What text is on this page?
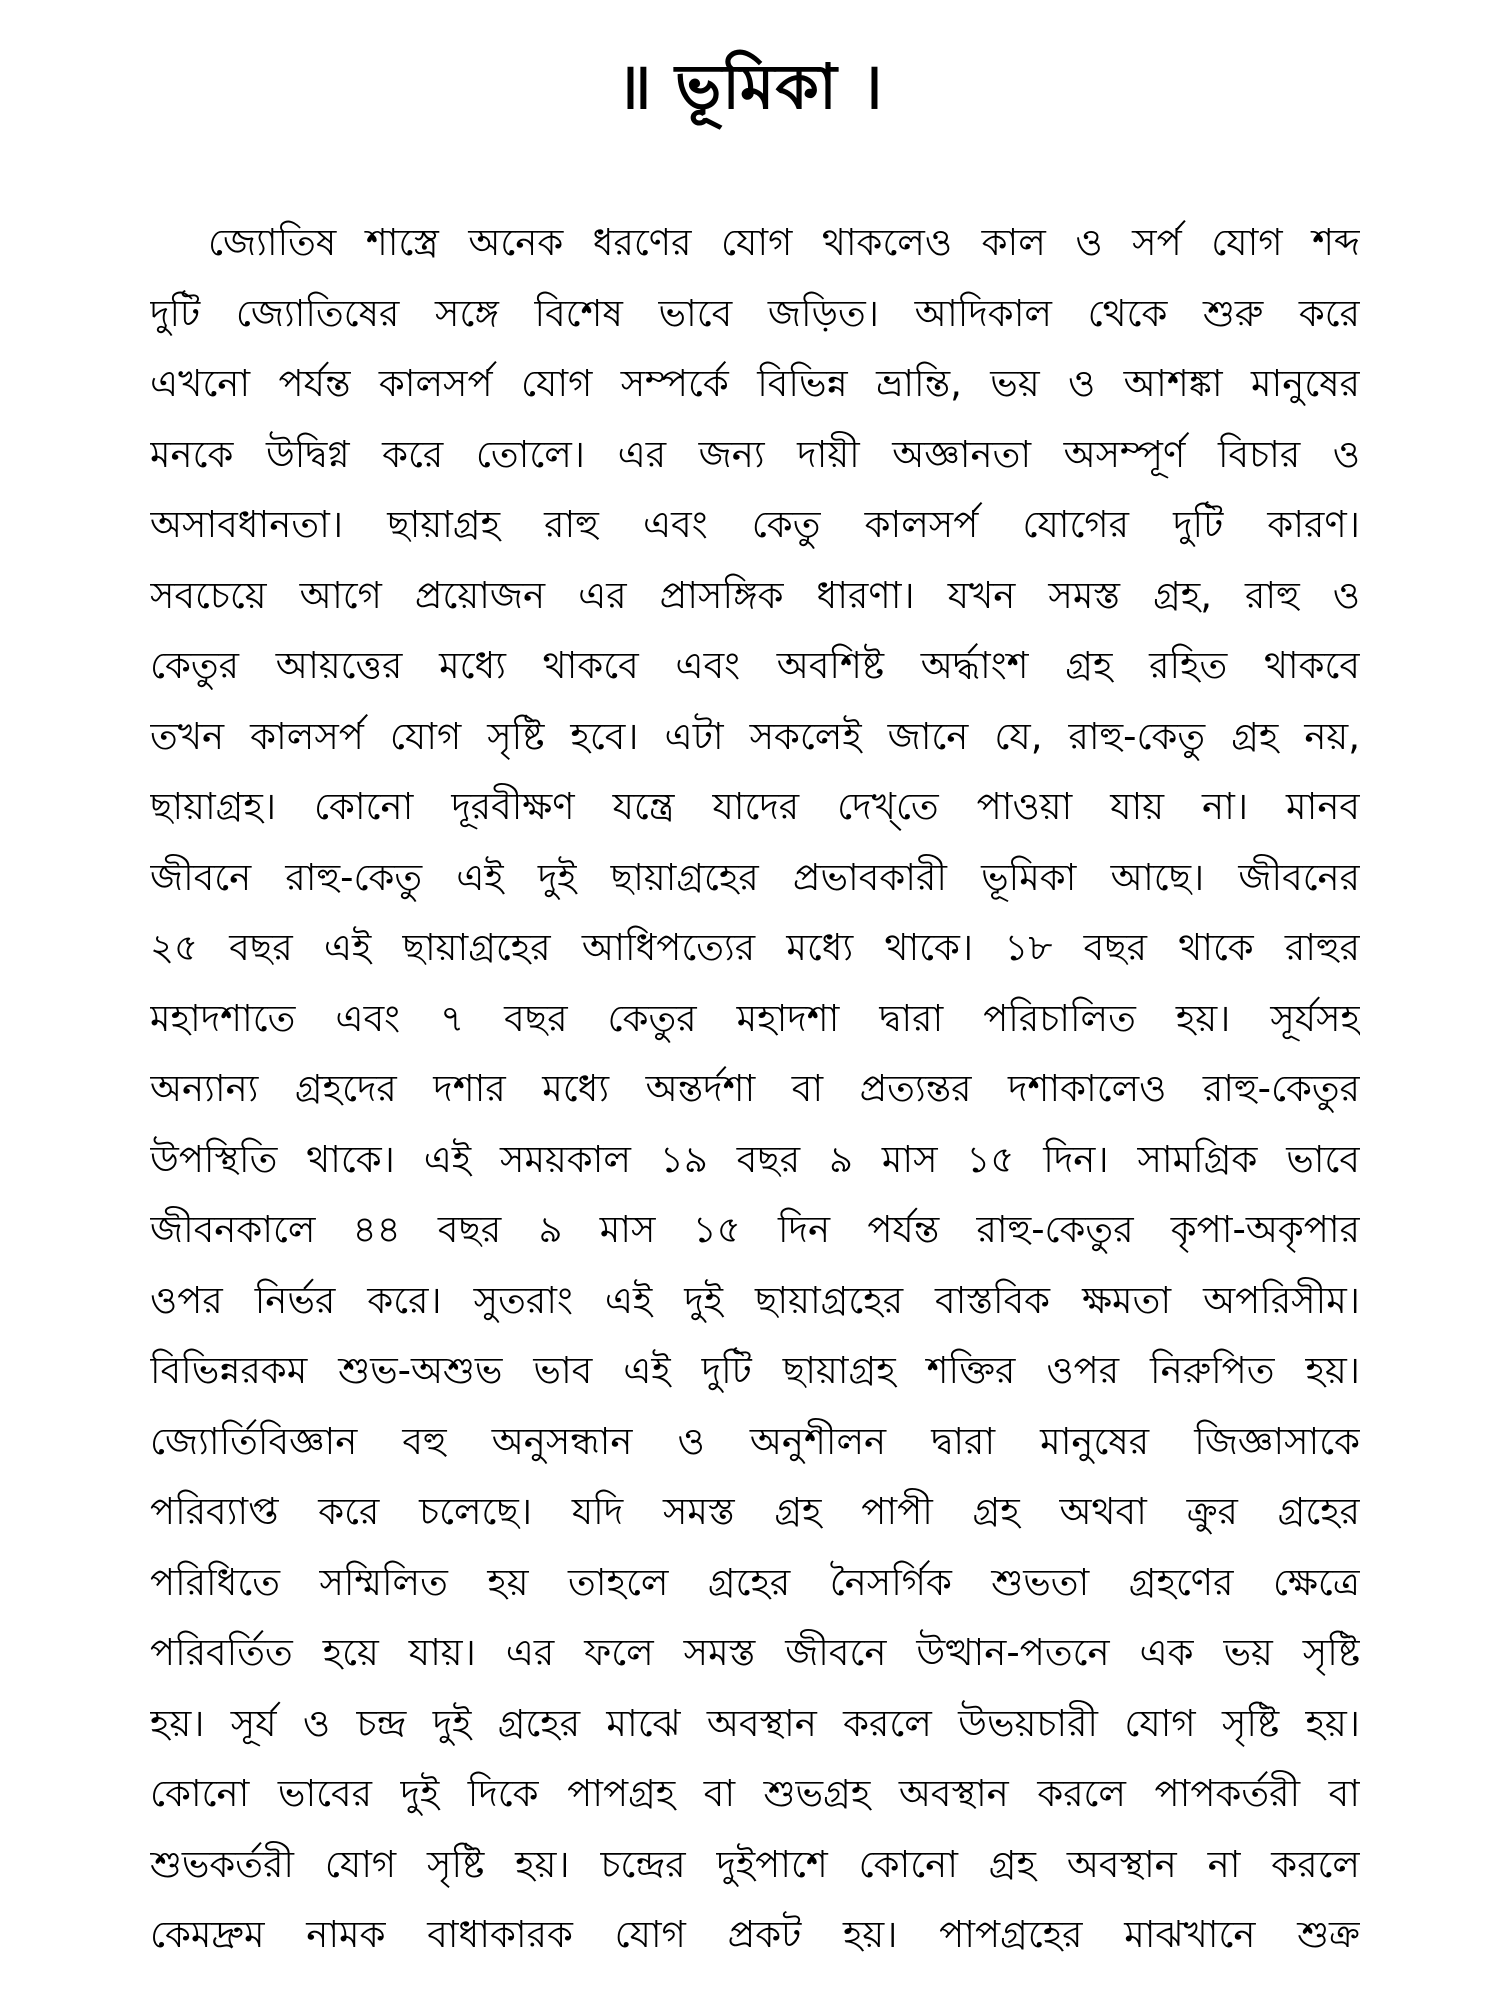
॥ ভূমিকা ।
জ্যোতিষ শাস্ত্রে অনেক ধরণের যোগ থাকলেও কাল ও সর্প যোগ শব্দ
দুটি জ্যোতিষের সঙ্গে বিশেষ ভাবে জড়িত। আদিকাল থেকে শুরু করে
এখনো পর্যন্ত কালসর্প যোগ সম্পর্কে বিভিন্ন ভ্রান্তি, ভয় ও আশঙ্কা মানুষের
মনকে উদ্বিগ্ন করে তোলে। এর জন্য দায়ী অজ্ঞানতা অসম্পূর্ণ বিচার ও
অসাবধানতা। ছায়াগ্রহ রাহু এবং কেতু কালসর্প যোগের দুটি কারণ।
সবচেয়ে আগে প্রয়োজন এর প্রাসঙ্গিক ধারণা। যখন সমস্ত গ্রহ, রাহু ও
কেতুর আয়ত্তের মধ্যে থাকবে এবং অবশিষ্ট অর্দ্ধাংশ গ্রহ রহিত থাকবে
তখন কালসর্প যোগ সৃষ্টি হবে। এটা সকলেই জানে যে, রাহু-কেতু গ্রহ নয়,
ছায়াগ্রহ। কোনো দূরবীক্ষণ যন্ত্রে যাদের দেখ্‌তে পাওয়া যায় না। মানব
জীবনে রাহু-কেতু এই দুই ছায়াগ্রহের প্রভাবকারী ভূমিকা আছে। জীবনের
২৫ বছর এই ছায়াগ্রহের আধিপত্যের মধ্যে থাকে। ১৮ বছর থাকে রাহুর
মহাদশাতে এবং ৭ বছর কেতুর মহাদশা দ্বারা পরিচালিত হয়। সূর্যসহ
অন্যান্য গ্রহদের দশার মধ্যে অন্তর্দশা বা প্রত্যন্তর দশাকালেও রাহু-কেতুর
উপস্থিতি থাকে। এই সময়কাল ১৯ বছর ৯ মাস ১৫ দিন। সামগ্রিক ভাবে
জীবনকালে ৪৪ বছর ৯ মাস ১৫ দিন পর্যন্ত রাহু-কেতুর কৃপা-অকৃপার
ওপর নির্ভর করে। সুতরাং এই দুই ছায়াগ্রহের বাস্তবিক ক্ষমতা অপরিসীম।
বিভিন্নরকম শুভ-অশুভ ভাব এই দুটি ছায়াগ্রহ শক্তির ওপর নিরুপিত হয়।
জ্যোর্তিবিজ্ঞান বহু অনুসন্ধান ও অনুশীলন দ্বারা মানুষের জিজ্ঞাসাকে
পরিব্যাপ্ত করে চলেছে। যদি সমস্ত গ্রহ পাপী গ্রহ অথবা ক্রুর গ্রহের
পরিধিতে সম্মিলিত হয় তাহলে গ্রহের নৈসর্গিক শুভতা গ্রহণের ক্ষেত্রে
পরিবর্তিত হয়ে যায়। এর ফলে সমস্ত জীবনে উত্থান-পতনে এক ভয় সৃষ্টি
হয়। সূর্য ও চন্দ্র দুই গ্রহের মাঝে অবস্থান করলে উভয়চারী যোগ সৃষ্টি হয়।
কোনো ভাবের দুই দিকে পাপগ্রহ বা শুভগ্রহ অবস্থান করলে পাপকর্তরী বা
শুভকর্তরী যোগ সৃষ্টি হয়। চন্দ্রের দুইপাশে কোনো গ্রহ অবস্থান না করলে
কেমদ্রুম নামক বাধাকারক যোগ প্রকট হয়। পাপগ্রহের মাঝখানে শুক্র
